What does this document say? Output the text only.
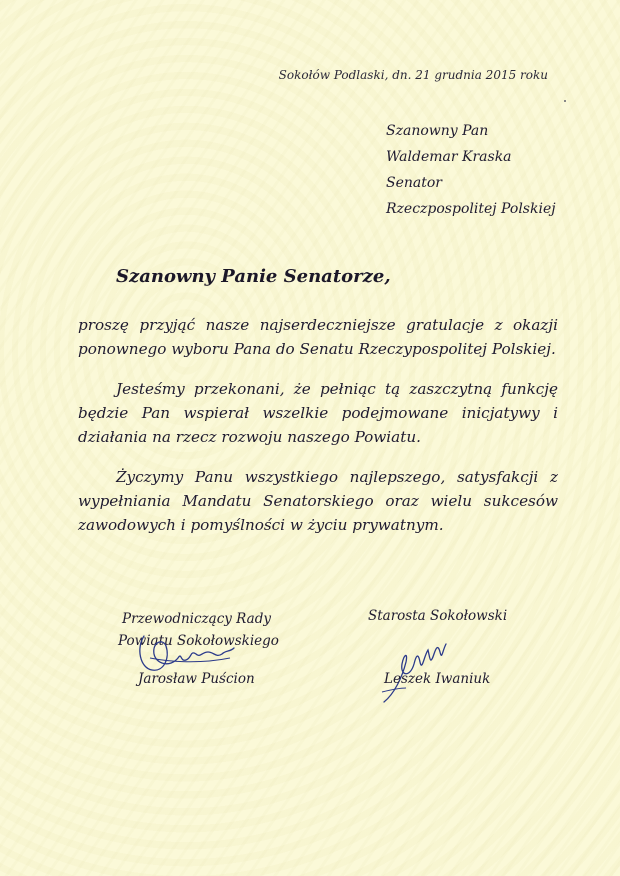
Sokołów Podlaski, dn. 21 grudnia 2015 roku
Szanowny Pan
Waldemar Kraska
Senator
Rzeczpospolitej Polskiej
Szanowny Panie Senatorze,

proszę przyjąć nasze najserdeczniejsze gratulacje z okazji ponownego wyboru Pana do Senatu Rzeczypospolitej Polskiej.

Jesteśmy przekonani, że pełniąc tą zaszczytną funkcję będzie Pan wspierał wszelkie podejmowane inicjatywy i działania na rzecz rozwoju naszego Powiatu.

Życzymy Panu wszystkiego najlepszego, satysfakcji z wypełniania Mandatu Senatorskiego oraz wielu sukcesów zawodowych i pomyślności w życiu prywatnym.

Przewodniczący Rady
Powiatu Sokołowskiego
Jarosław Puścion
Starosta Sokołowski
Leszek Iwaniuk
